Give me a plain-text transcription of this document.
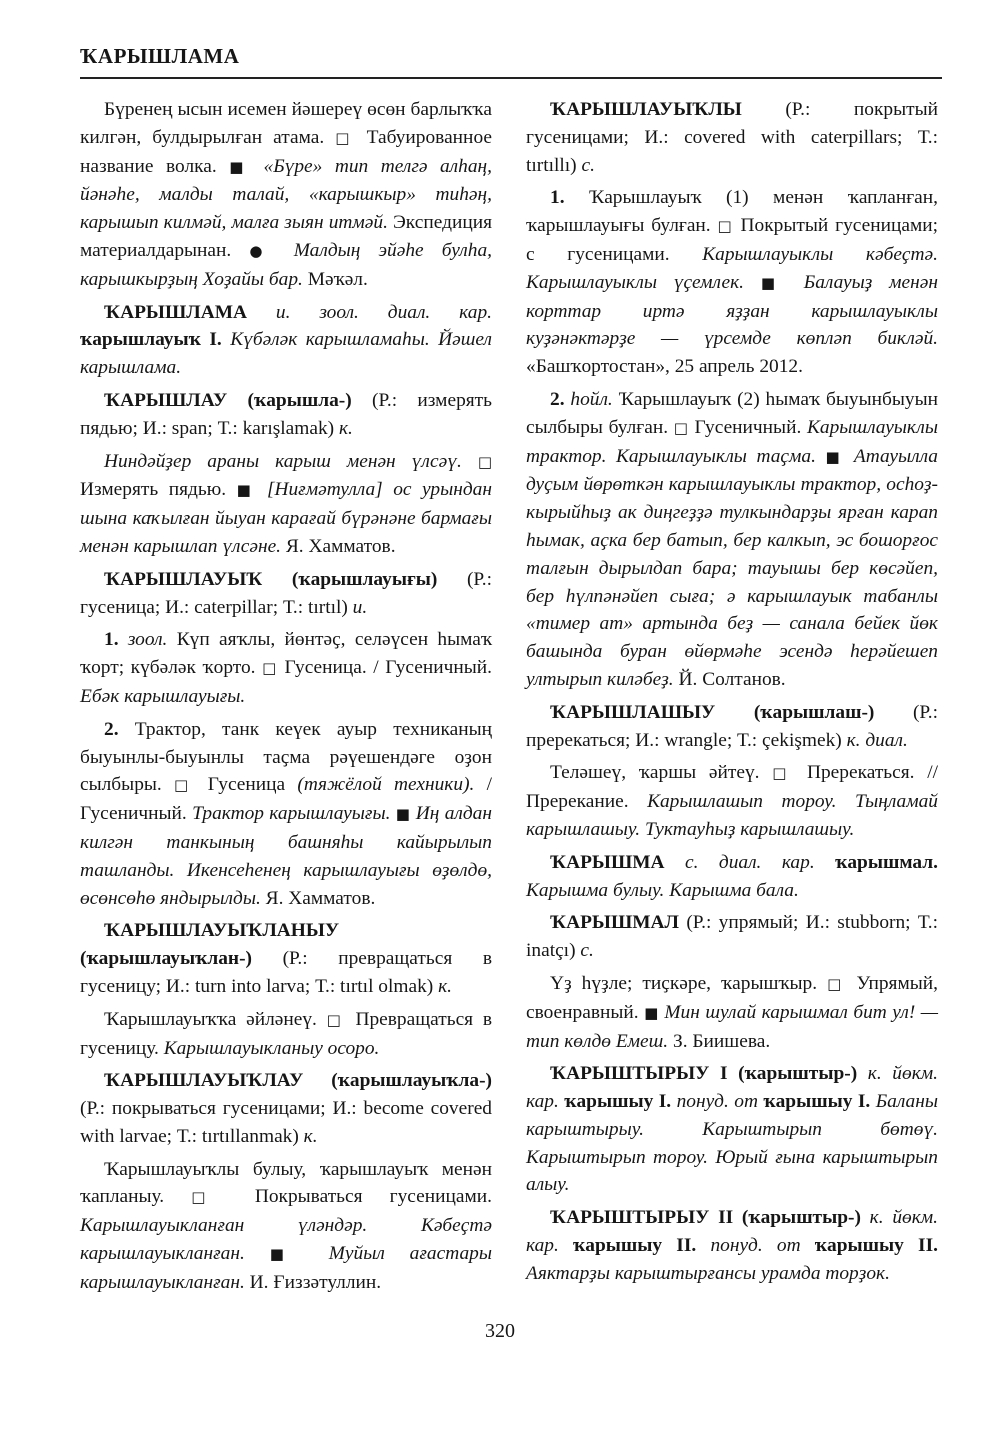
ҠАРЫШЛАМА

Бүренең ысын исемен йәшереү өсөн барлыҡҡа килгән, булдырылған атама. □ Табуированное название волка. ■ «Бүре» тип телгә алһаң, йәнәһе, малды талай, «карышкыр» тиһәң, карышып килмәй, малға зыян итмәй. Экспедиция материалдарынан. ● Малдың эйәһе булһа, карышкырҙың Хоҙайы бар. Мәҡәл.

ҠАРЫШЛАМА и. зоол. диал. кар. ҡарышлауыҡ I. Күбәләк карышламаһы. Йәшел карышлама.

ҠАРЫШЛАУ (ҡарышла-) (Р.: измерять пядью; И.: span; Т.: karışlamak) к.

Ниндәйҙер араны карыш менән үлсәү. □ Измерять пядью. ■ [Ниғмәтулла] ос урындан шына каҡылған йыуан карағай бүрәнәне бармағы менән карышлап үлсәне. Я. Хамматов.

ҠАРЫШЛАУЫҠ (ҡарышлауығы) (Р.: гусеница; И.: caterpillar; Т.: tırtıl) и.

1. зоол. Күп аяҡлы, йөнтәҫ, селәүсен һымаҡ ҡорт; күбәләк ҡорто. □ Гусеница. / Гусеничный. Ебәк карышлауығы.

2. Трактор, танк кеүек ауыр техниканың быуынлы-быуынлы таҫма рәүешендәге оҙон сылбыры. □ Гусеница (тяжёлой техники). / Гусеничный. Трактор карышлауығы. ■ Иң алдан килгән танкының башняһы кайырылып ташланды. Икенсеһенең карышлауығы өҙөлдө, өсөнсөһө яндырылды. Я. Хамматов.

ҠАРЫШЛАУЫҠЛАНЫУ (ҡарышлауыҡлан-) (Р.: превращаться в гусеницу; И.: turn into larva; Т.: tırtıl olmak) к.

Ҡарышлауыҡҡа әйләнеү. □ Превращаться в гусеницу. Карышлауыкланыу осоро.

ҠАРЫШЛАУЫҠЛАУ (ҡарышлауыҡла-) (Р.: покрываться гусеницами; И.: become covered with larvae; Т.: tırtıllanmak) к.

Ҡарышлауыҡлы булыу, ҡарышлауыҡ менән ҡапланыу. □ Покрываться гусеницами. Карышлауыкланған үләндәр. Кәбеҫтә карышлауыкланған. ■ Муйыл ағастары карышлауыкланған. И. Ғиззәтуллин.

ҠАРЫШЛАУЫҠЛЫ (Р.: покрытый гусеницами; И.: covered with caterpillars; Т.: tırtıllı) с.

1. Ҡарышлауыҡ (1) менән ҡапланған, ҡарышлауығы булған. □ Покрытый гусеницами; с гусеницами. Карышлауыклы кәбеҫтә. Карышлауыклы үҫемлек. ■ Балауыҙ менән корттар иртә яҙҙан карышлауыклы куҙәнәктәрҙе — үрсемде көпләп бикләй. «Башҡортостан», 25 апрель 2012.

2. һойл. Ҡарышлауыҡ (2) һымаҡ быуынбыуын сылбыры булған. □ Гусеничный. Карышлауыклы трактор. Карышлауыклы таҫма. ■ Атауылла дуҫым йөрөткән карышлауыклы трактор, осһоҙ-кырыйһыҙ ак диңгеҙҙә тулкындарҙы ярған карап һымак, аҫка бер батып, бер калкып, эс бошорғос талғын дырылдап бара; тауышы бер көсәйеп, бер һүлпәнәйеп сыға; ә карышлауык табанлы «тимер ат» артында беҙ — санала бейек йөк башында буран өйөрмәһе эсендә һерәйешеп ултырып киләбеҙ. Й. Солтанов.

ҠАРЫШЛАШЫУ (ҡарышлаш-) (Р.: пререкаться; И.: wrangle; Т.: çekişmek) к. диал.

Теләшеү, ҡаршы әйтеү. □ Пререкаться. // Пререкание. Карышлашып тороу. Тыңламай карышлашыу. Туктауһыҙ карышлашыу.

ҠАРЫШМА с. диал. кар. ҡарышмал. Карышма булыу. Карышма бала.

ҠАРЫШМАЛ (Р.: упрямый; И.: stubborn; Т.: inatçı) с.

Үҙ һүҙле; тиҫкәре, ҡарышҡыр. □ Упрямый, своенравный. ■ Мин шулай карышмал бит ул! — тип көлдө Емеш. З. Биишева.

ҠАРЫШТЫРЫУ I (ҡарыштыр-) к. йөкм. кар. ҡарышыу I. понуд. от ҡарышыу I. Баланы карыштырыу. Карыштырып бөтөү. Карыштырып тороу. Юрый ғына карыштырып алыу.

ҠАРЫШТЫРЫУ II (ҡарыштыр-) к. йөкм. кар. ҡарышыу II. понуд. от ҡарышыу II. Аяктарҙы карыштырғансы урамда торҙок.

320
